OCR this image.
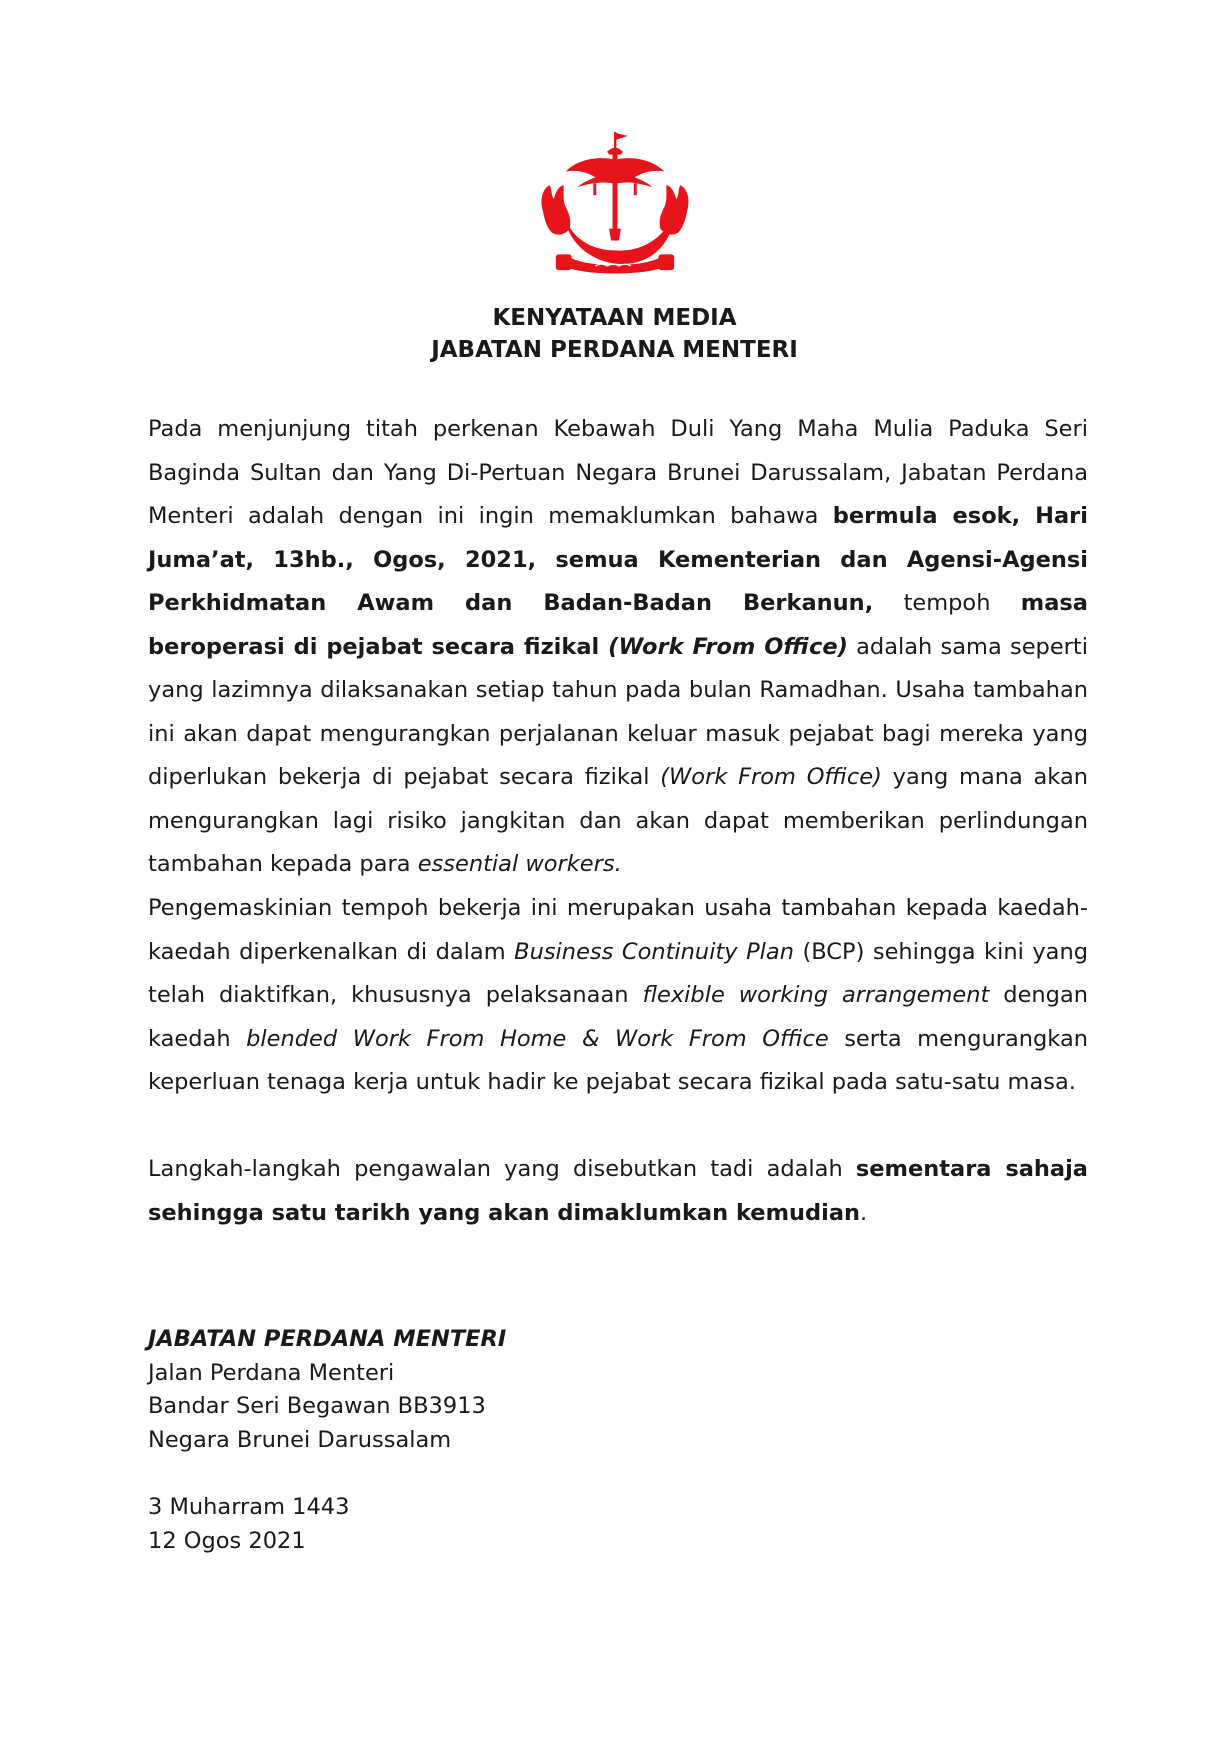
KENYATAAN MEDIA
JABATAN PERDANA MENTERI
Pada menjunjung titah perkenan Kebawah Duli Yang Maha Mulia Paduka Seri Baginda Sultan dan Yang Di-Pertuan Negara Brunei Darussalam, Jabatan Perdana Menteri adalah dengan ini ingin memaklumkan bahawa bermula esok, Hari Juma’at, 13hb., Ogos, 2021, semua Kementerian dan Agensi-Agensi Perkhidmatan Awam dan Badan-Badan Berkanun, tempoh masa beroperasi di pejabat secara fizikal (Work From Office) adalah sama seperti yang lazimnya dilaksanakan setiap tahun pada bulan Ramadhan. Usaha tambahan ini akan dapat mengurangkan perjalanan keluar masuk pejabat bagi mereka yang diperlukan bekerja di pejabat secara fizikal (Work From Office) yang mana akan mengurangkan lagi risiko jangkitan dan akan dapat memberikan perlindungan tambahan kepada para essential workers.
Pengemaskinian tempoh bekerja ini merupakan usaha tambahan kepada kaedah-kaedah diperkenalkan di dalam Business Continuity Plan (BCP) sehingga kini yang telah diaktifkan, khususnya pelaksanaan flexible working arrangement dengan kaedah blended Work From Home & Work From Office serta mengurangkan keperluan tenaga kerja untuk hadir ke pejabat secara fizikal pada satu-satu masa.
Langkah-langkah pengawalan yang disebutkan tadi adalah sementara sahaja sehingga satu tarikh yang akan dimaklumkan kemudian.
JABATAN PERDANA MENTERI
Jalan Perdana Menteri
Bandar Seri Begawan BB3913
Negara Brunei Darussalam
3 Muharram 1443
12 Ogos 2021
